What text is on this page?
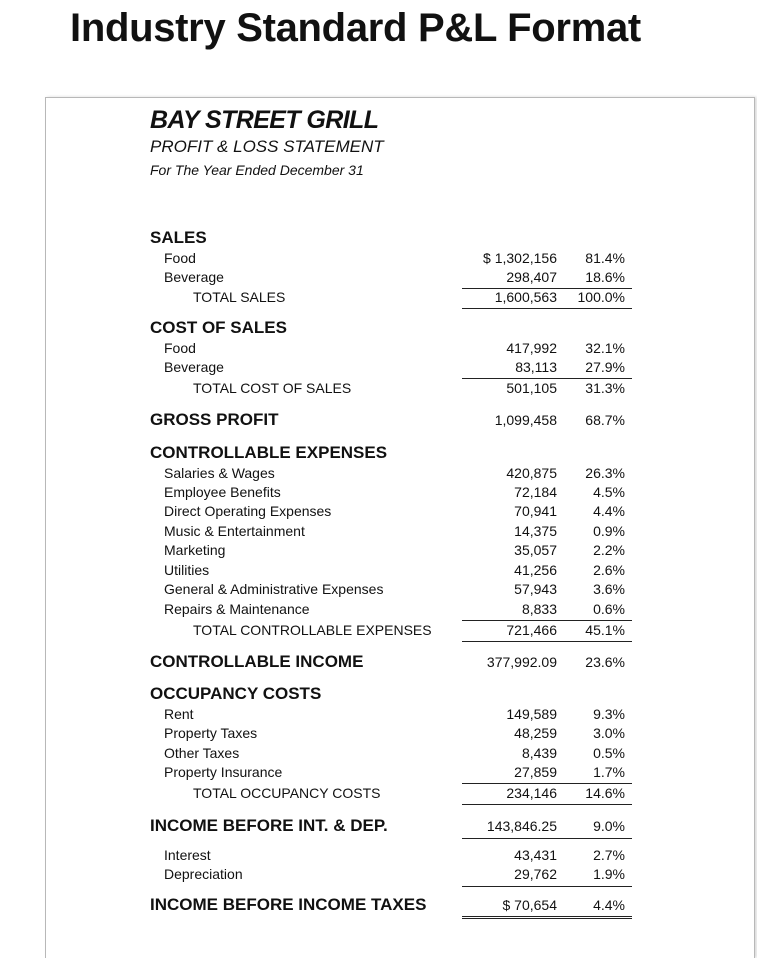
Industry Standard P&L Format
BAY STREET GRILL
PROFIT & LOSS STATEMENT
For The Year Ended December 31
SALES
Food	$ 1,302,156 81.4%
Beverage	298,407 18.6%
TOTAL SALES	1,600,563 100.0%
COST OF SALES
Food	417,992 32.1%
Beverage	83,113 27.9%
TOTAL COST OF SALES	501,105 31.3%
GROSS PROFIT	1,099,458 68.7%
CONTROLLABLE EXPENSES
Salaries & Wages	420,875 26.3%
Employee Benefits	72,184	4.5%
Direct Operating Expenses	70,941	4.4%
Music & Entertainment	14,375	0.9%
Marketing	35,057	2.2%
Utilities	41,256	2.6%
General & Administrative Expenses	57,943	3.6%
Repairs & Maintenance	8,833	0.6%
TOTAL CONTROLLABLE EXPENSES	721,466 45.1%
CONTROLLABLE INCOME	377,992.09 23.6%
OCCUPANCY COSTS
Rent	149,589	9.3%
Property Taxes	48,259	3.0%
Other Taxes	8,439	0.5%
Property Insurance	27,859	1.7%
TOTAL OCCUPANCY COSTS	234,146 14.6%
INCOME BEFORE INT. & DEP.	143,846.25	9.0%
Interest	43,431	2.7%
Depreciation	29,762	1.9%
INCOME BEFORE INCOME TAXES	$ 70,654	4.4%
